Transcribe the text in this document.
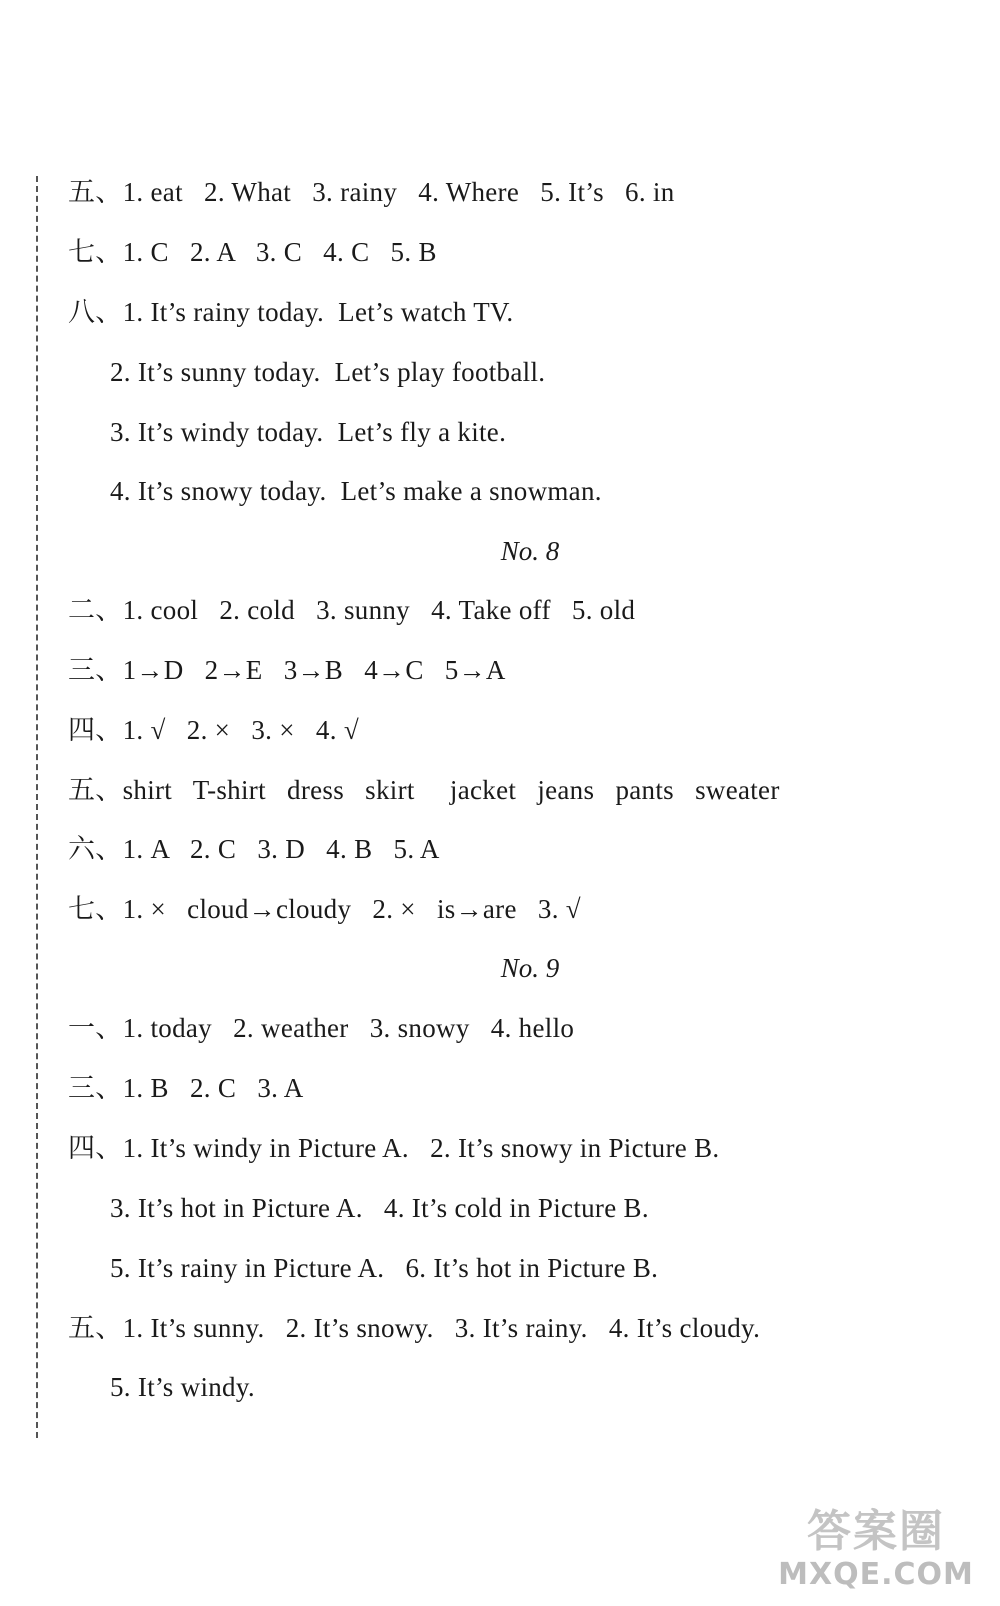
五、1. eat   2. What   3. rainy   4. Where   5. It’s   6. in
七、1. C   2. A   3. C   4. C   5. B
八、1. It’s rainy today.  Let’s watch TV.
2. It’s sunny today.  Let’s play football.
3. It’s windy today.  Let’s fly a kite.
4. It’s snowy today.  Let’s make a snowman.
No. 8
二、1. cool   2. cold   3. sunny   4. Take off   5. old
三、1→D   2→E   3→B   4→C   5→A
四、1. √   2. ×   3. ×   4. √
五、shirt   T-shirt   dress   skirt     jacket   jeans   pants   sweater
六、1. A   2. C   3. D   4. B   5. A
七、1. ×   cloud→cloudy   2. ×   is→are   3. √
No. 9
一、1. today   2. weather   3. snowy   4. hello
三、1. B   2. C   3. A
四、1. It’s windy in Picture A.   2. It’s snowy in Picture B.
3. It’s hot in Picture A.   4. It’s cold in Picture B.
5. It’s rainy in Picture A.   6. It’s hot in Picture B.
五、1. It’s sunny.   2. It’s snowy.   3. It’s rainy.   4. It’s cloudy.
5. It’s windy.
答案圈
MXQE.COM
